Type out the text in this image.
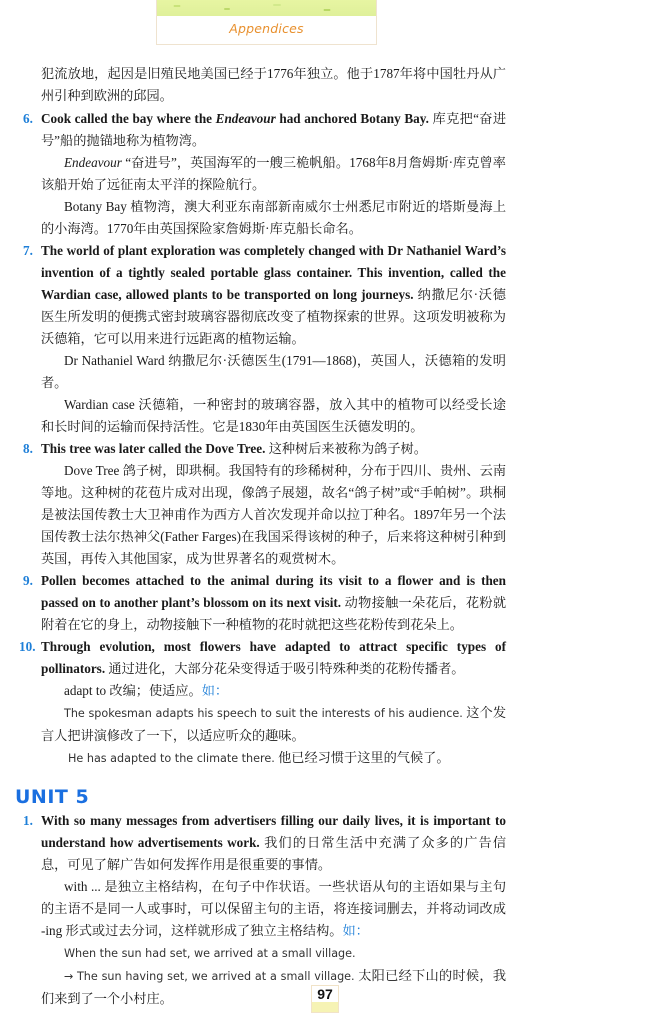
Appendices

犯流放地，起因是旧殖民地美国已经于1776年独立。他于1787年将中国牡丹从广州引种到欧洲的邱园。

6. Cook called the bay where the Endeavour had anchored Botany Bay. 库克把“奋进号”船的抛锚地称为植物湾。

Endeavour “奋进号”，英国海军的一艘三桅帆船。1768年8月詹姆斯·库克曾率该船开始了远征南太平洋的探险航行。

Botany Bay 植物湾，澳大利亚东南部新南威尔士州悉尼市附近的塔斯曼海上的小海湾。1770年由英国探险家詹姆斯·库克船长命名。

7. The world of plant exploration was completely changed with Dr Nathaniel Ward’s invention of a tightly sealed portable glass container. This invention, called the Wardian case, allowed plants to be transported on long journeys. 纳撒尼尔·沃德医生所发明的便携式密封玻璃容器彻底改变了植物探索的世界。这项发明被称为沃德箱，它可以用来进行远距离的植物运输。

Dr Nathaniel Ward 纳撒尼尔·沃德医生(1791—1868)，英国人，沃德箱的发明者。

Wardian case 沃德箱，一种密封的玻璃容器，放入其中的植物可以经受长途和长时间的运输而保持活性。它是1830年由英国医生沃德发明的。

8. This tree was later called the Dove Tree. 这种树后来被称为鸽子树。

Dove Tree 鸽子树，即珙桐。我国特有的珍稀树种，分布于四川、贵州、云南等地。这种树的花苞片成对出现，像鸽子展翅，故名“鸽子树”或“手帕树”。珙桐是被法国传教士大卫神甫作为西方人首次发现并命以拉丁种名。1897年另一个法国传教士法尔热神父(Father Farges)在我国采得该树的种子，后来将这种树引种到英国，再传入其他国家，成为世界著名的观赏树木。

9. Pollen becomes attached to the animal during its visit to a flower and is then passed on to another plant’s blossom on its next visit. 动物接触一朵花后，花粉就附着在它的身上，动物接触下一种植物的花时就把这些花粉传到花朵上。

10. Through evolution, most flowers have adapted to attract specific types of pollinators. 通过进化，大部分花朵变得适于吸引特殊种类的花粉传播者。

adapt to 改编；使适应。如：

The spokesman adapts his speech to suit the interests of his audience. 这个发言人把讲演修改了一下，以适应听众的趣味。

He has adapted to the climate there. 他已经习惯于这里的气候了。

UNIT 5
1. With so many messages from advertisers filling our daily lives, it is important to understand how advertisements work. 我们的日常生活中充满了众多的广告信息，可见了解广告如何发挥作用是很重要的事情。

with ... 是独立主格结构，在句子中作状语。一些状语从句的主语如果与主句的主语不是同一人或事时，可以保留主句的主语，将连接词删去，并将动词改成 -ing 形式或过去分词，这样就形成了独立主格结构。如：

When the sun had set, we arrived at a small village.

→ The sun having set, we arrived at a small village. 太阳已经下山的时候，我们来到了一个小村庄。	97
